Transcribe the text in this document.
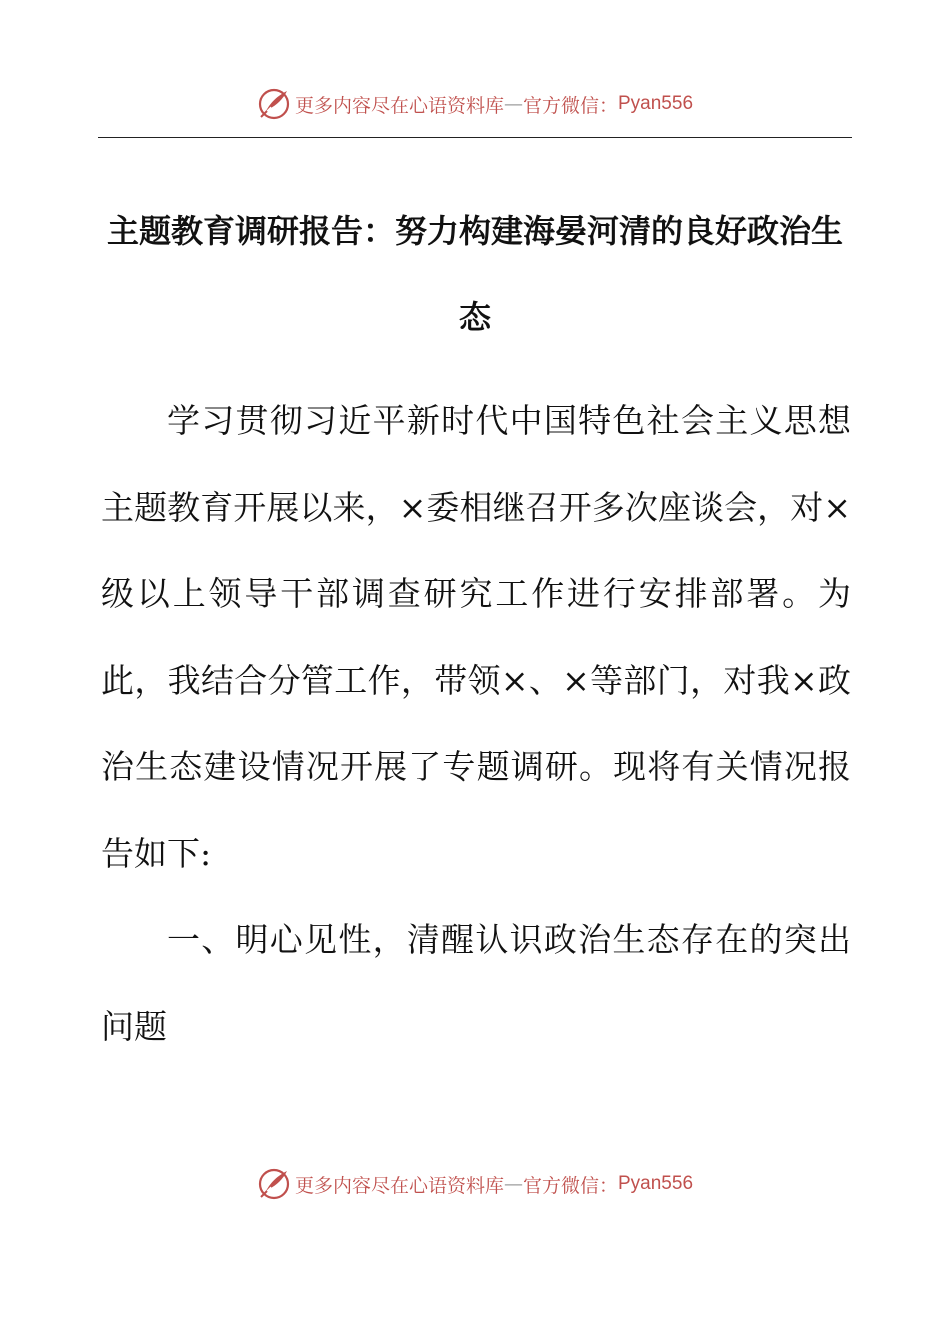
更多内容尽在心语资料库 — 官方微信： Pyan556
主题教育调研报告：努力构建海晏河清的良好政治生态

学习贯彻习近平新时代中国特色社会主义思想主题教育开展以来，×委相继召开多次座谈会，对×级以上领导干部调查研究工作进行安排部署。为此，我结合分管工作，带领×、×等部门，对我×政治生态建设情况开展了专题调研。现将有关情况报告如下:

一、明心见性，清醒认识政治生态存在的突出问题

更多内容尽在心语资料库 — 官方微信： Pyan556
